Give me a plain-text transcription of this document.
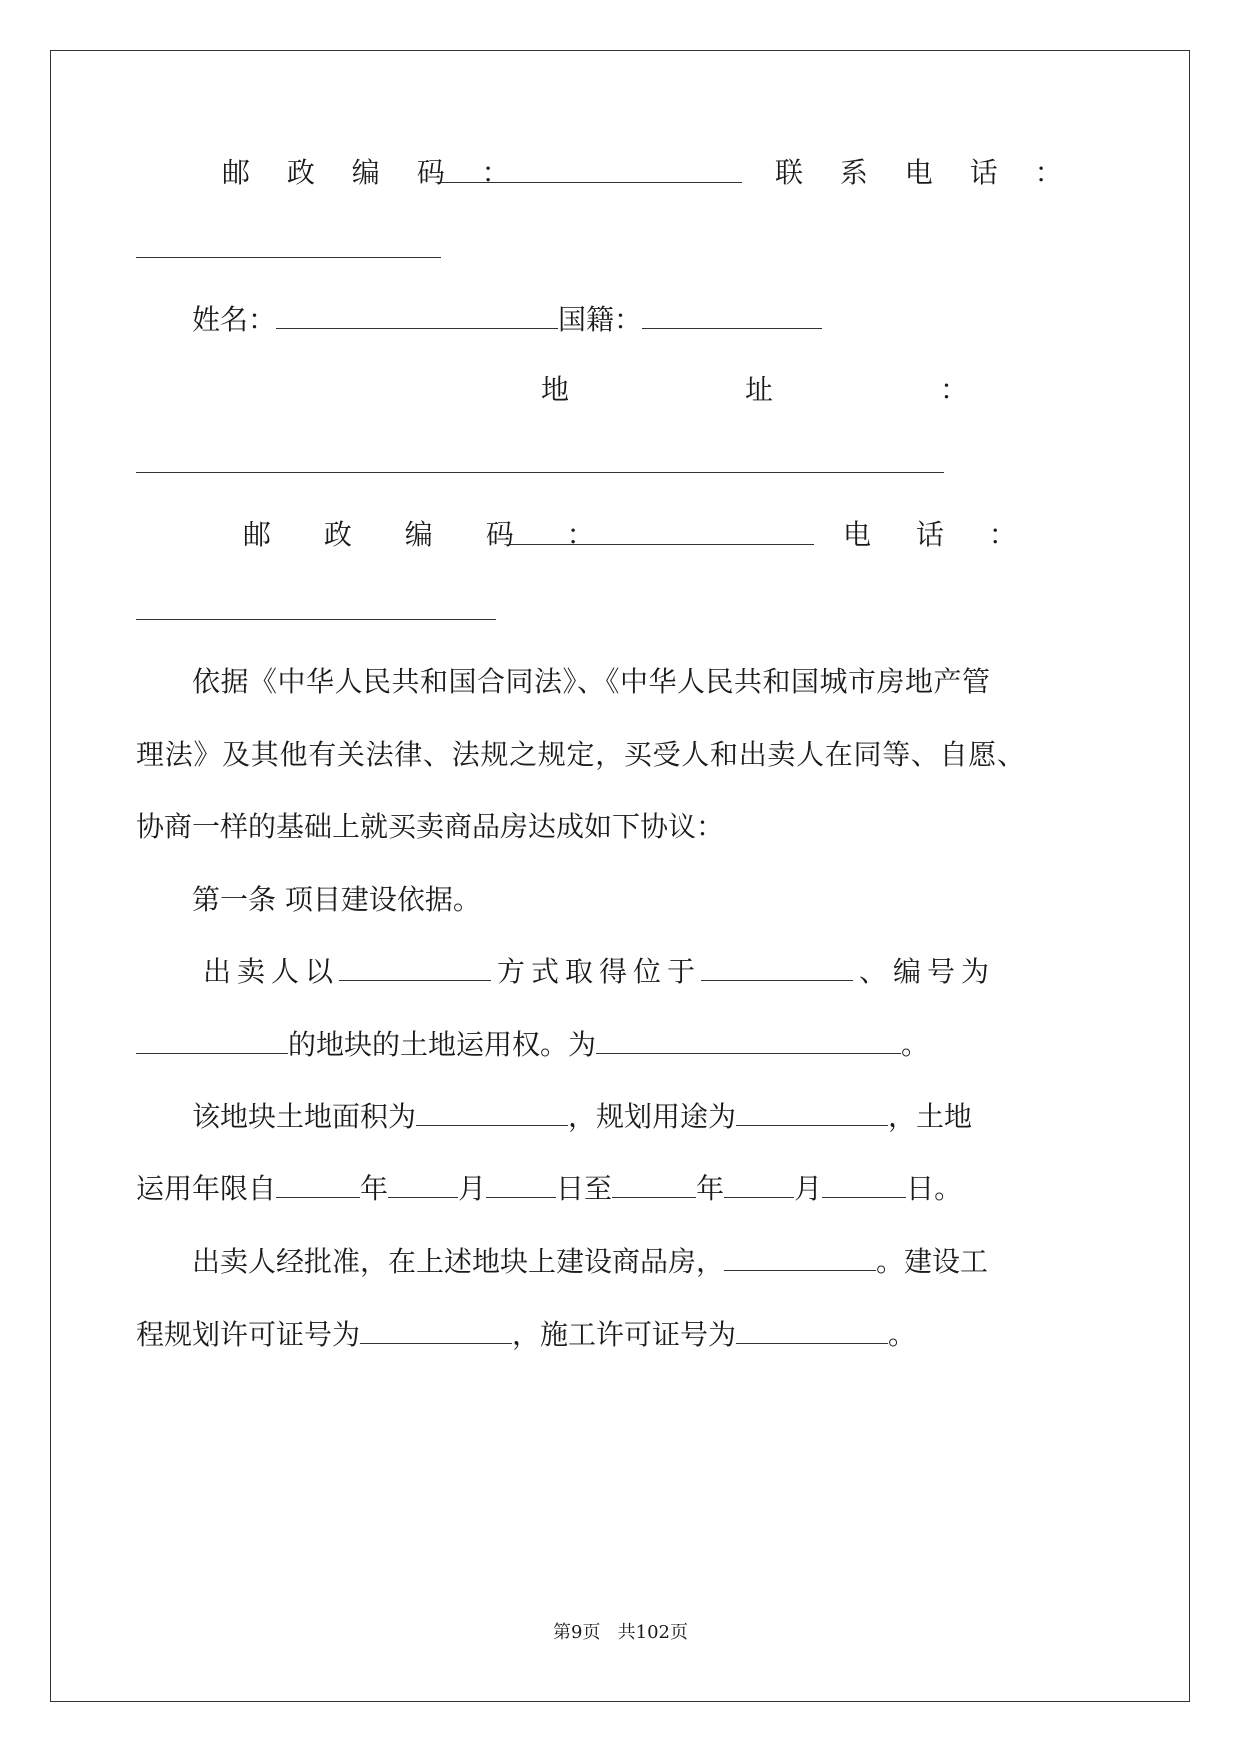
邮 政 编 码 ：	联 系 电 话 ：
姓名：	国籍：
地	址	：
邮 政 编 码 ：	电 话 ：
依据《中华人民共和国合同法》、《中华人民共和国城市房地产管
理法》及其他有关法律、法规之规定，买受人和出卖人在同等、自愿、
协商一样的基础上就买卖商品房达成如下协议：
第一条 项目建设依据。
出卖人以	方式取得位于	、编号为
的地块的土地运用权。为	。
该地块土地面积为	，规划用途为	，土地
运用年限自	年	月	日至	年	月	日。
出卖人经批准，在上述地块上建设商品房，	。建设工
程规划许可证号为	，施工许可证号为	。
第9页   共102页
